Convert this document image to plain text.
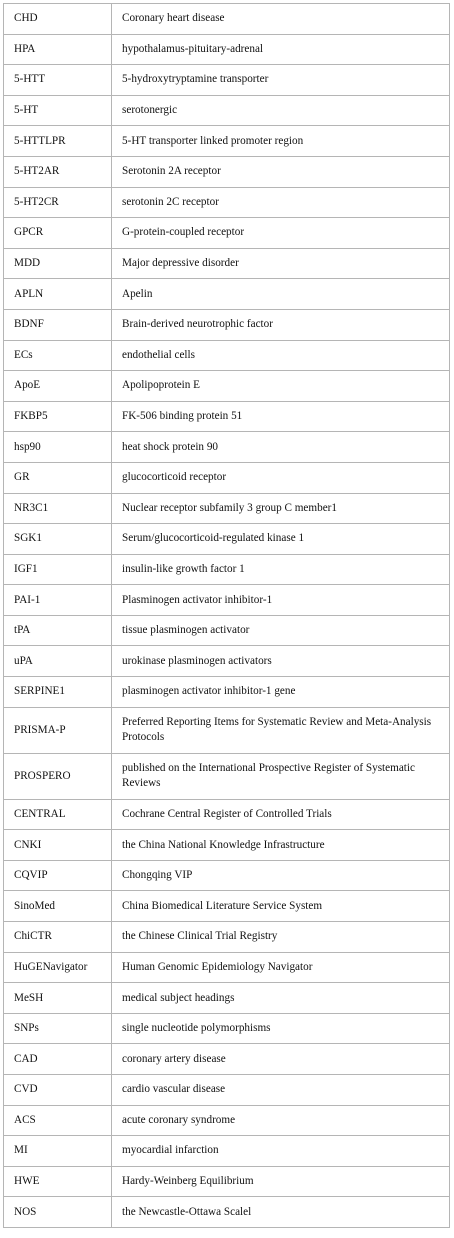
CHD	Coronary heart disease
HPA	hypothalamus-pituitary-adrenal
5-HTT	5-hydroxytryptamine transporter
5-HT	serotonergic
5-HTTLPR	5-HT transporter linked promoter region
5-HT2AR	Serotonin 2A receptor
5-HT2CR	serotonin 2C receptor
GPCR	G-protein-coupled receptor
MDD	Major depressive disorder
APLN	Apelin
BDNF	Brain-derived neurotrophic factor
ECs	endothelial cells
ApoE	Apolipoprotein E
FKBP5	FK-506 binding protein 51
hsp90	heat shock protein 90
GR	glucocorticoid receptor
NR3C1	Nuclear receptor subfamily 3 group C member1
SGK1	Serum/glucocorticoid-regulated kinase 1
IGF1	insulin-like growth factor 1
PAI-1	Plasminogen activator inhibitor-1
tPA	tissue plasminogen activator
uPA	urokinase plasminogen activators
SERPINE1	plasminogen activator inhibitor-1 gene
PRISMA-P	Preferred Reporting Items for Systematic Review and Meta-Analysis Protocols
PROSPERO	published on the International Prospective Register of Systematic Reviews
CENTRAL	Cochrane Central Register of Controlled Trials
CNKI	the China National Knowledge Infrastructure
CQVIP	Chongqing VIP
SinoMed	China Biomedical Literature Service System
ChiCTR	the Chinese Clinical Trial Registry
HuGENavigator	Human Genomic Epidemiology Navigator
MeSH	medical subject headings
SNPs	single nucleotide polymorphisms
CAD	coronary artery disease
CVD	cardio vascular disease
ACS	acute coronary syndrome
MI	myocardial infarction
HWE	Hardy-Weinberg Equilibrium
NOS	the Newcastle-Ottawa Scalel
